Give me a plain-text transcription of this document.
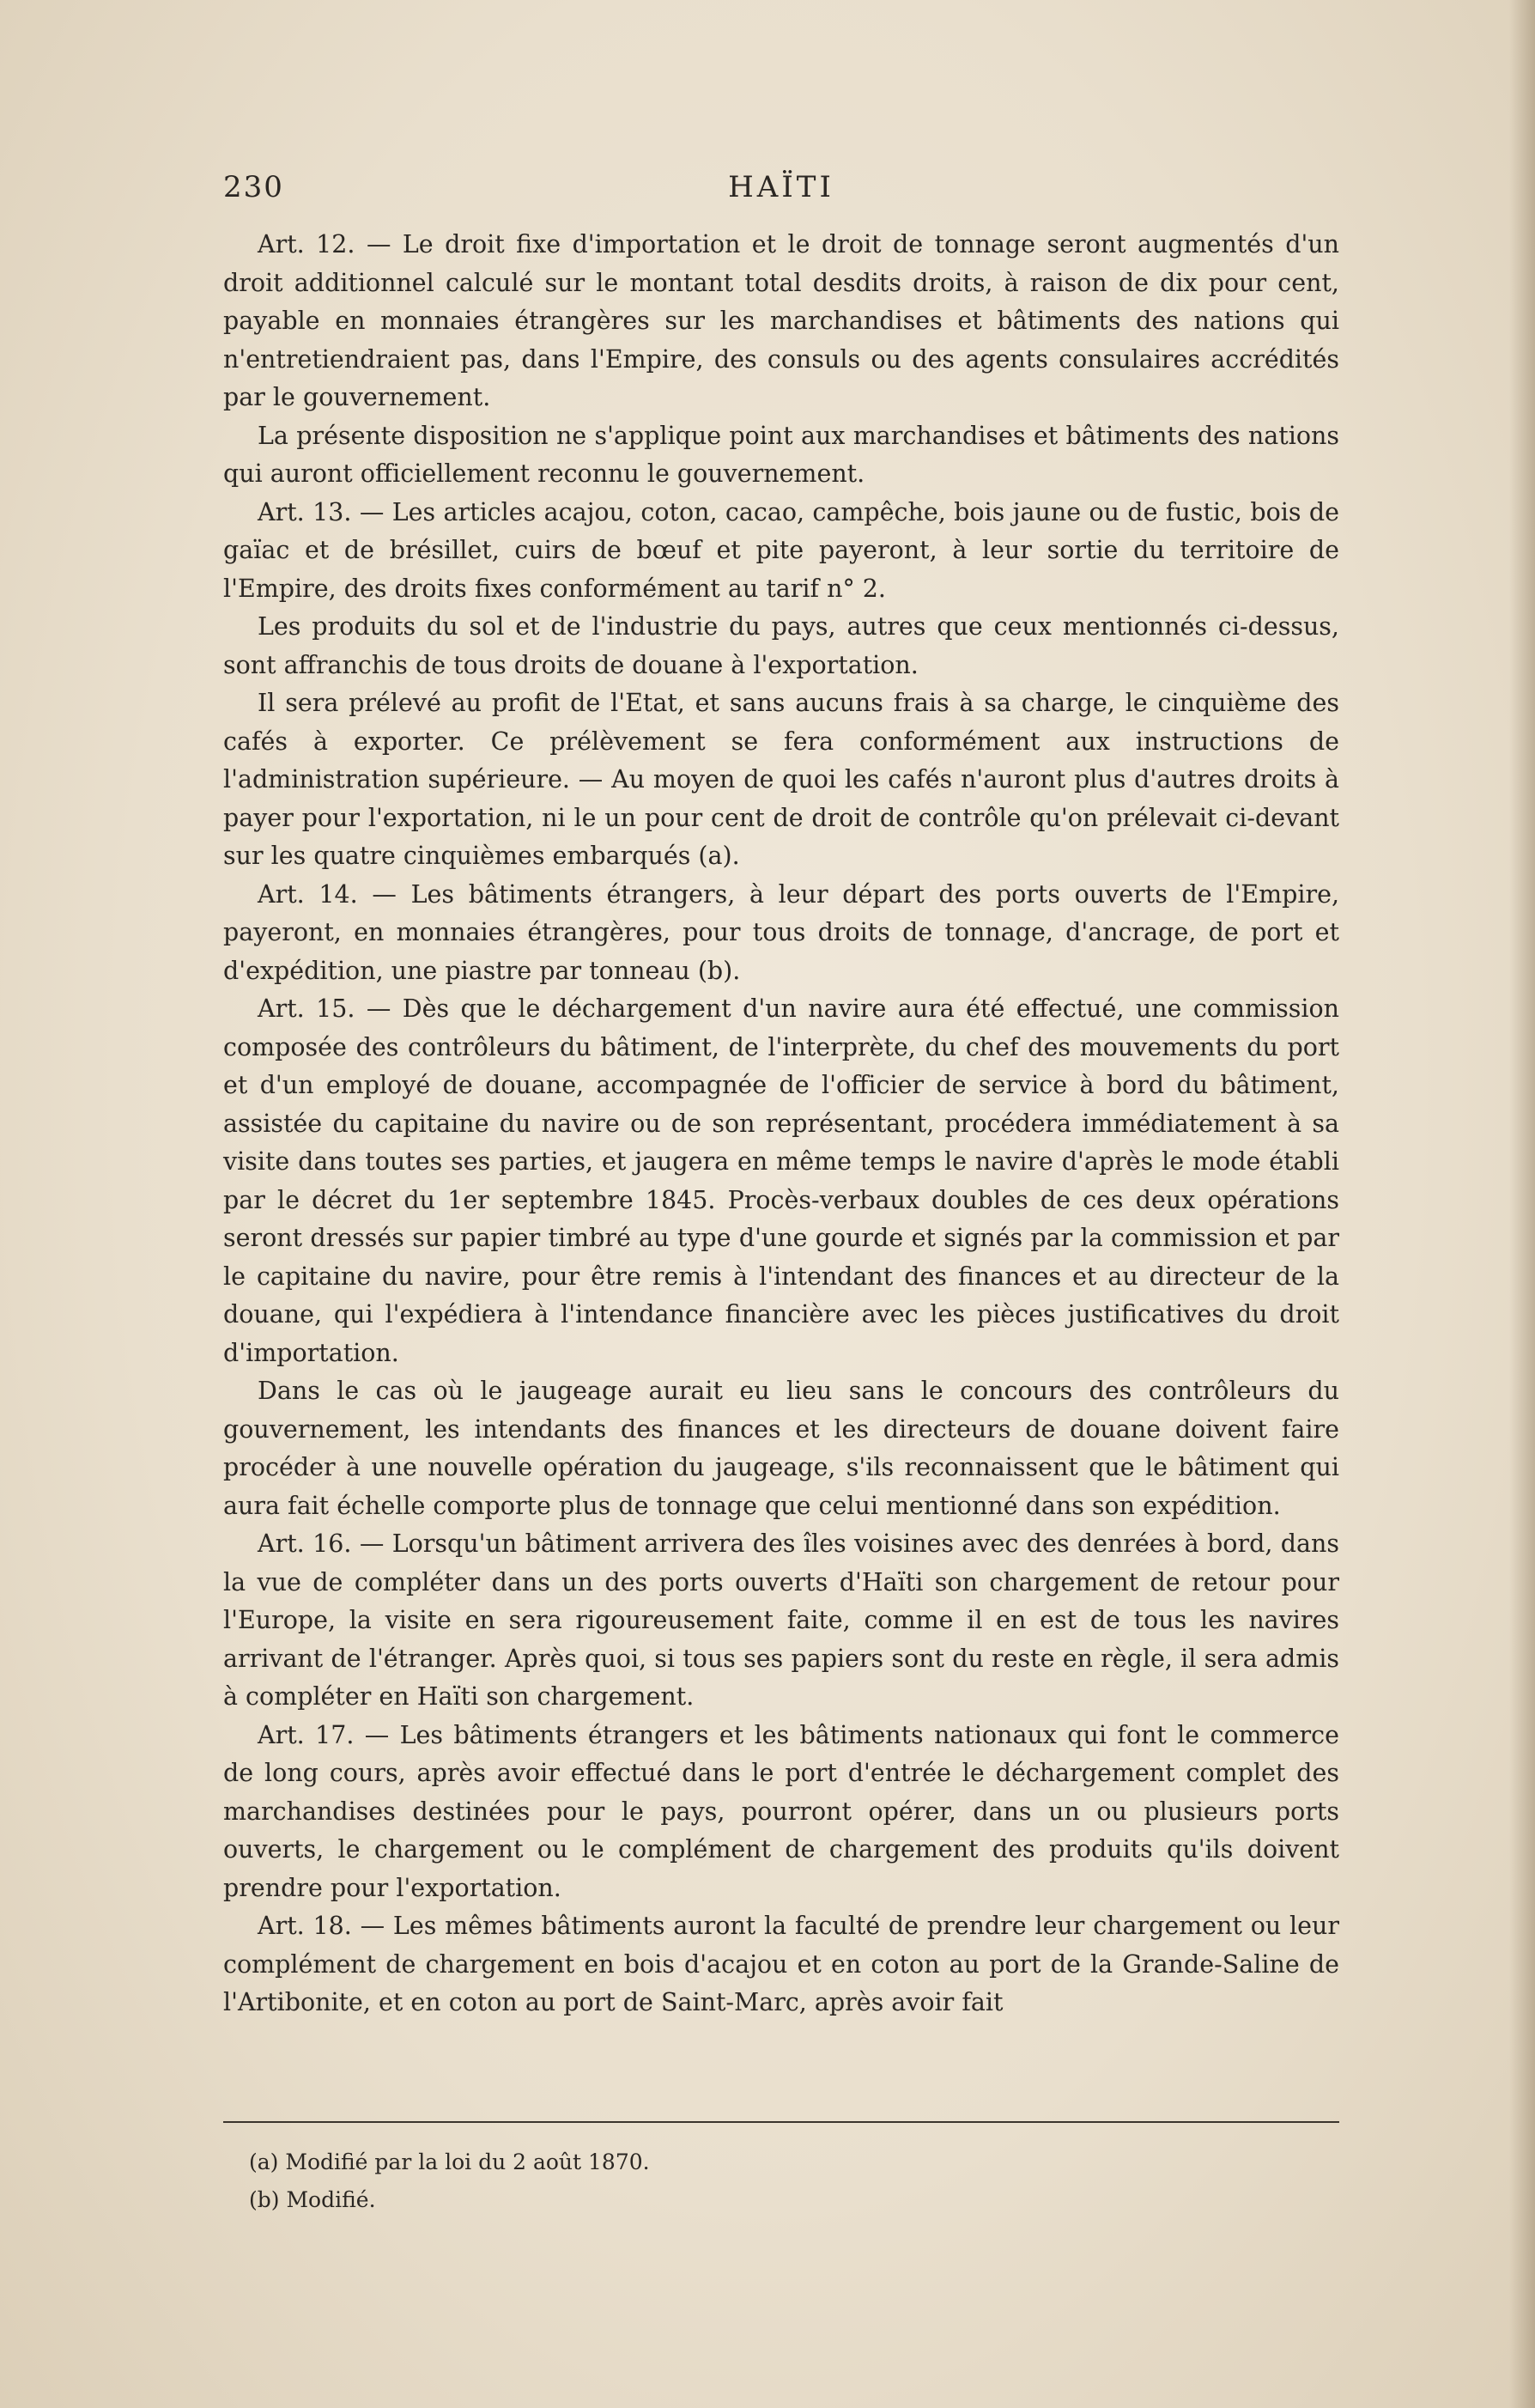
230	HAÏTI

Art. 12. — Le droit fixe d'importation et le droit de tonnage seront augmentés d'un droit additionnel calculé sur le montant total desdits droits, à raison de dix pour cent, payable en monnaies étrangères sur les marchandises et bâtiments des nations qui n'entretiendraient pas, dans l'Empire, des consuls ou des agents consulaires accrédités par le gouvernement.

La présente disposition ne s'applique point aux marchandises et bâtiments des nations qui auront officiellement reconnu le gouvernement.

Art. 13. — Les articles acajou, coton, cacao, campêche, bois jaune ou de fustic, bois de gaïac et de brésillet, cuirs de bœuf et pite payeront, à leur sortie du territoire de l'Empire, des droits fixes conformément au tarif n° 2.

Les produits du sol et de l'industrie du pays, autres que ceux mentionnés ci-dessus, sont affranchis de tous droits de douane à l'exportation.

Il sera prélevé au profit de l'Etat, et sans aucuns frais à sa charge, le cinquième des cafés à exporter. Ce prélèvement se fera conformément aux instructions de l'administration supérieure. — Au moyen de quoi les cafés n'auront plus d'autres droits à payer pour l'exportation, ni le un pour cent de droit de contrôle qu'on prélevait ci-devant sur les quatre cinquièmes embarqués (a).

Art. 14. — Les bâtiments étrangers, à leur départ des ports ouverts de l'Empire, payeront, en monnaies étrangères, pour tous droits de tonnage, d'ancrage, de port et d'expédition, une piastre par tonneau (b).

Art. 15. — Dès que le déchargement d'un navire aura été effectué, une commission composée des contrôleurs du bâtiment, de l'interprète, du chef des mouvements du port et d'un employé de douane, accompagnée de l'officier de service à bord du bâtiment, assistée du capitaine du navire ou de son représentant, procédera immédiatement à sa visite dans toutes ses parties, et jaugera en même temps le navire d'après le mode établi par le décret du 1er septembre 1845. Procès-verbaux doubles de ces deux opérations seront dressés sur papier timbré au type d'une gourde et signés par la commission et par le capitaine du navire, pour être remis à l'intendant des finances et au directeur de la douane, qui l'expédiera à l'intendance financière avec les pièces justificatives du droit d'importation.

Dans le cas où le jaugeage aurait eu lieu sans le concours des contrôleurs du gouvernement, les intendants des finances et les directeurs de douane doivent faire procéder à une nouvelle opération du jaugeage, s'ils reconnaissent que le bâtiment qui aura fait échelle comporte plus de tonnage que celui mentionné dans son expédition.

Art. 16. — Lorsqu'un bâtiment arrivera des îles voisines avec des denrées à bord, dans la vue de compléter dans un des ports ouverts d'Haïti son chargement de retour pour l'Europe, la visite en sera rigoureusement faite, comme il en est de tous les navires arrivant de l'étranger. Après quoi, si tous ses papiers sont du reste en règle, il sera admis à compléter en Haïti son chargement.

Art. 17. — Les bâtiments étrangers et les bâtiments nationaux qui font le commerce de long cours, après avoir effectué dans le port d'entrée le déchargement complet des marchandises destinées pour le pays, pourront opérer, dans un ou plusieurs ports ouverts, le chargement ou le complément de chargement des produits qu'ils doivent prendre pour l'exportation.

Art. 18. — Les mêmes bâtiments auront la faculté de prendre leur chargement ou leur complément de chargement en bois d'acajou et en coton au port de la Grande-Saline de l'Artibonite, et en coton au port de Saint-Marc, après avoir fait

(a) Modifié par la loi du 2 août 1870.
(b) Modifié.
